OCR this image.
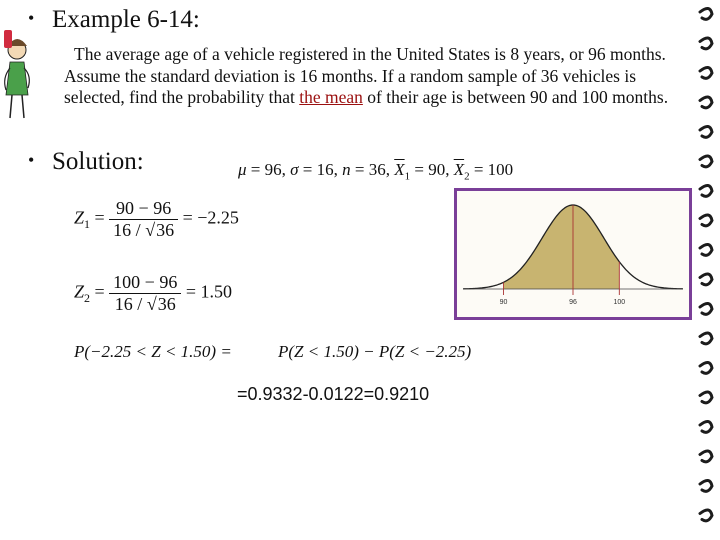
• Example 6-14:
The average age of a vehicle registered in the United States is 8 years, or 96 months. Assume the standard deviation is 16 months. If a random sample of 36 vehicles is selected, find the probability that the mean of their age is between 90 and 100 months.
• Solution:	μ = 96, σ = 16, n = 36, $\overline{X}_1 = 90$, $\overline{X}_2 = 100$
$Z_1 = \frac{90 - 96}{16 / √36} = -2.25$
$Z_2 = \frac{100 - 96}{16 / √36} = 1.50$
P(−2.25 < Z < 1.50) =	P(Z < 1.50) − P(Z < −2.25)
=0.9332-0.0122=0.9210
90	96	100
